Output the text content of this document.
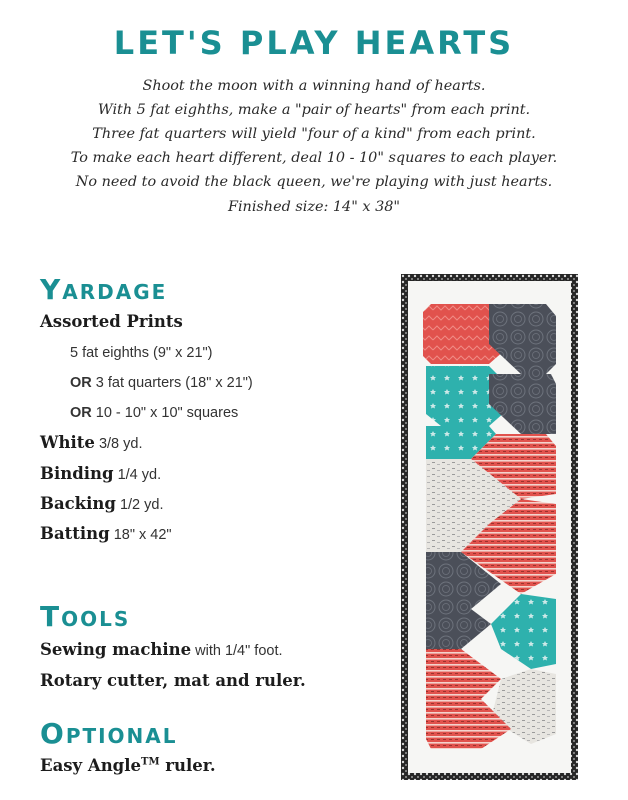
LET'S PLAY HEARTS
Shoot the moon with a winning hand of hearts.
With 5 fat eighths, make a "pair of hearts" from each print.
Three fat quarters will yield "four of a kind" from each print.
To make each heart different, deal 10 - 10" squares to each player.
No need to avoid the black queen, we're playing with just hearts.
Finished size: 14" x 38"
YARDAGE
Assorted Prints
5 fat eighths (9" x 21")
OR 3 fat quarters (18" x 21")
OR 10 - 10" x 10" squares
White 3/8 yd.
Binding 1/4 yd.
Backing 1/2 yd.
Batting 18" x 42"
TOOLS
Sewing machine with 1/4" foot.
Rotary cutter, mat and ruler.
OPTIONAL
Easy Angle™ ruler.
